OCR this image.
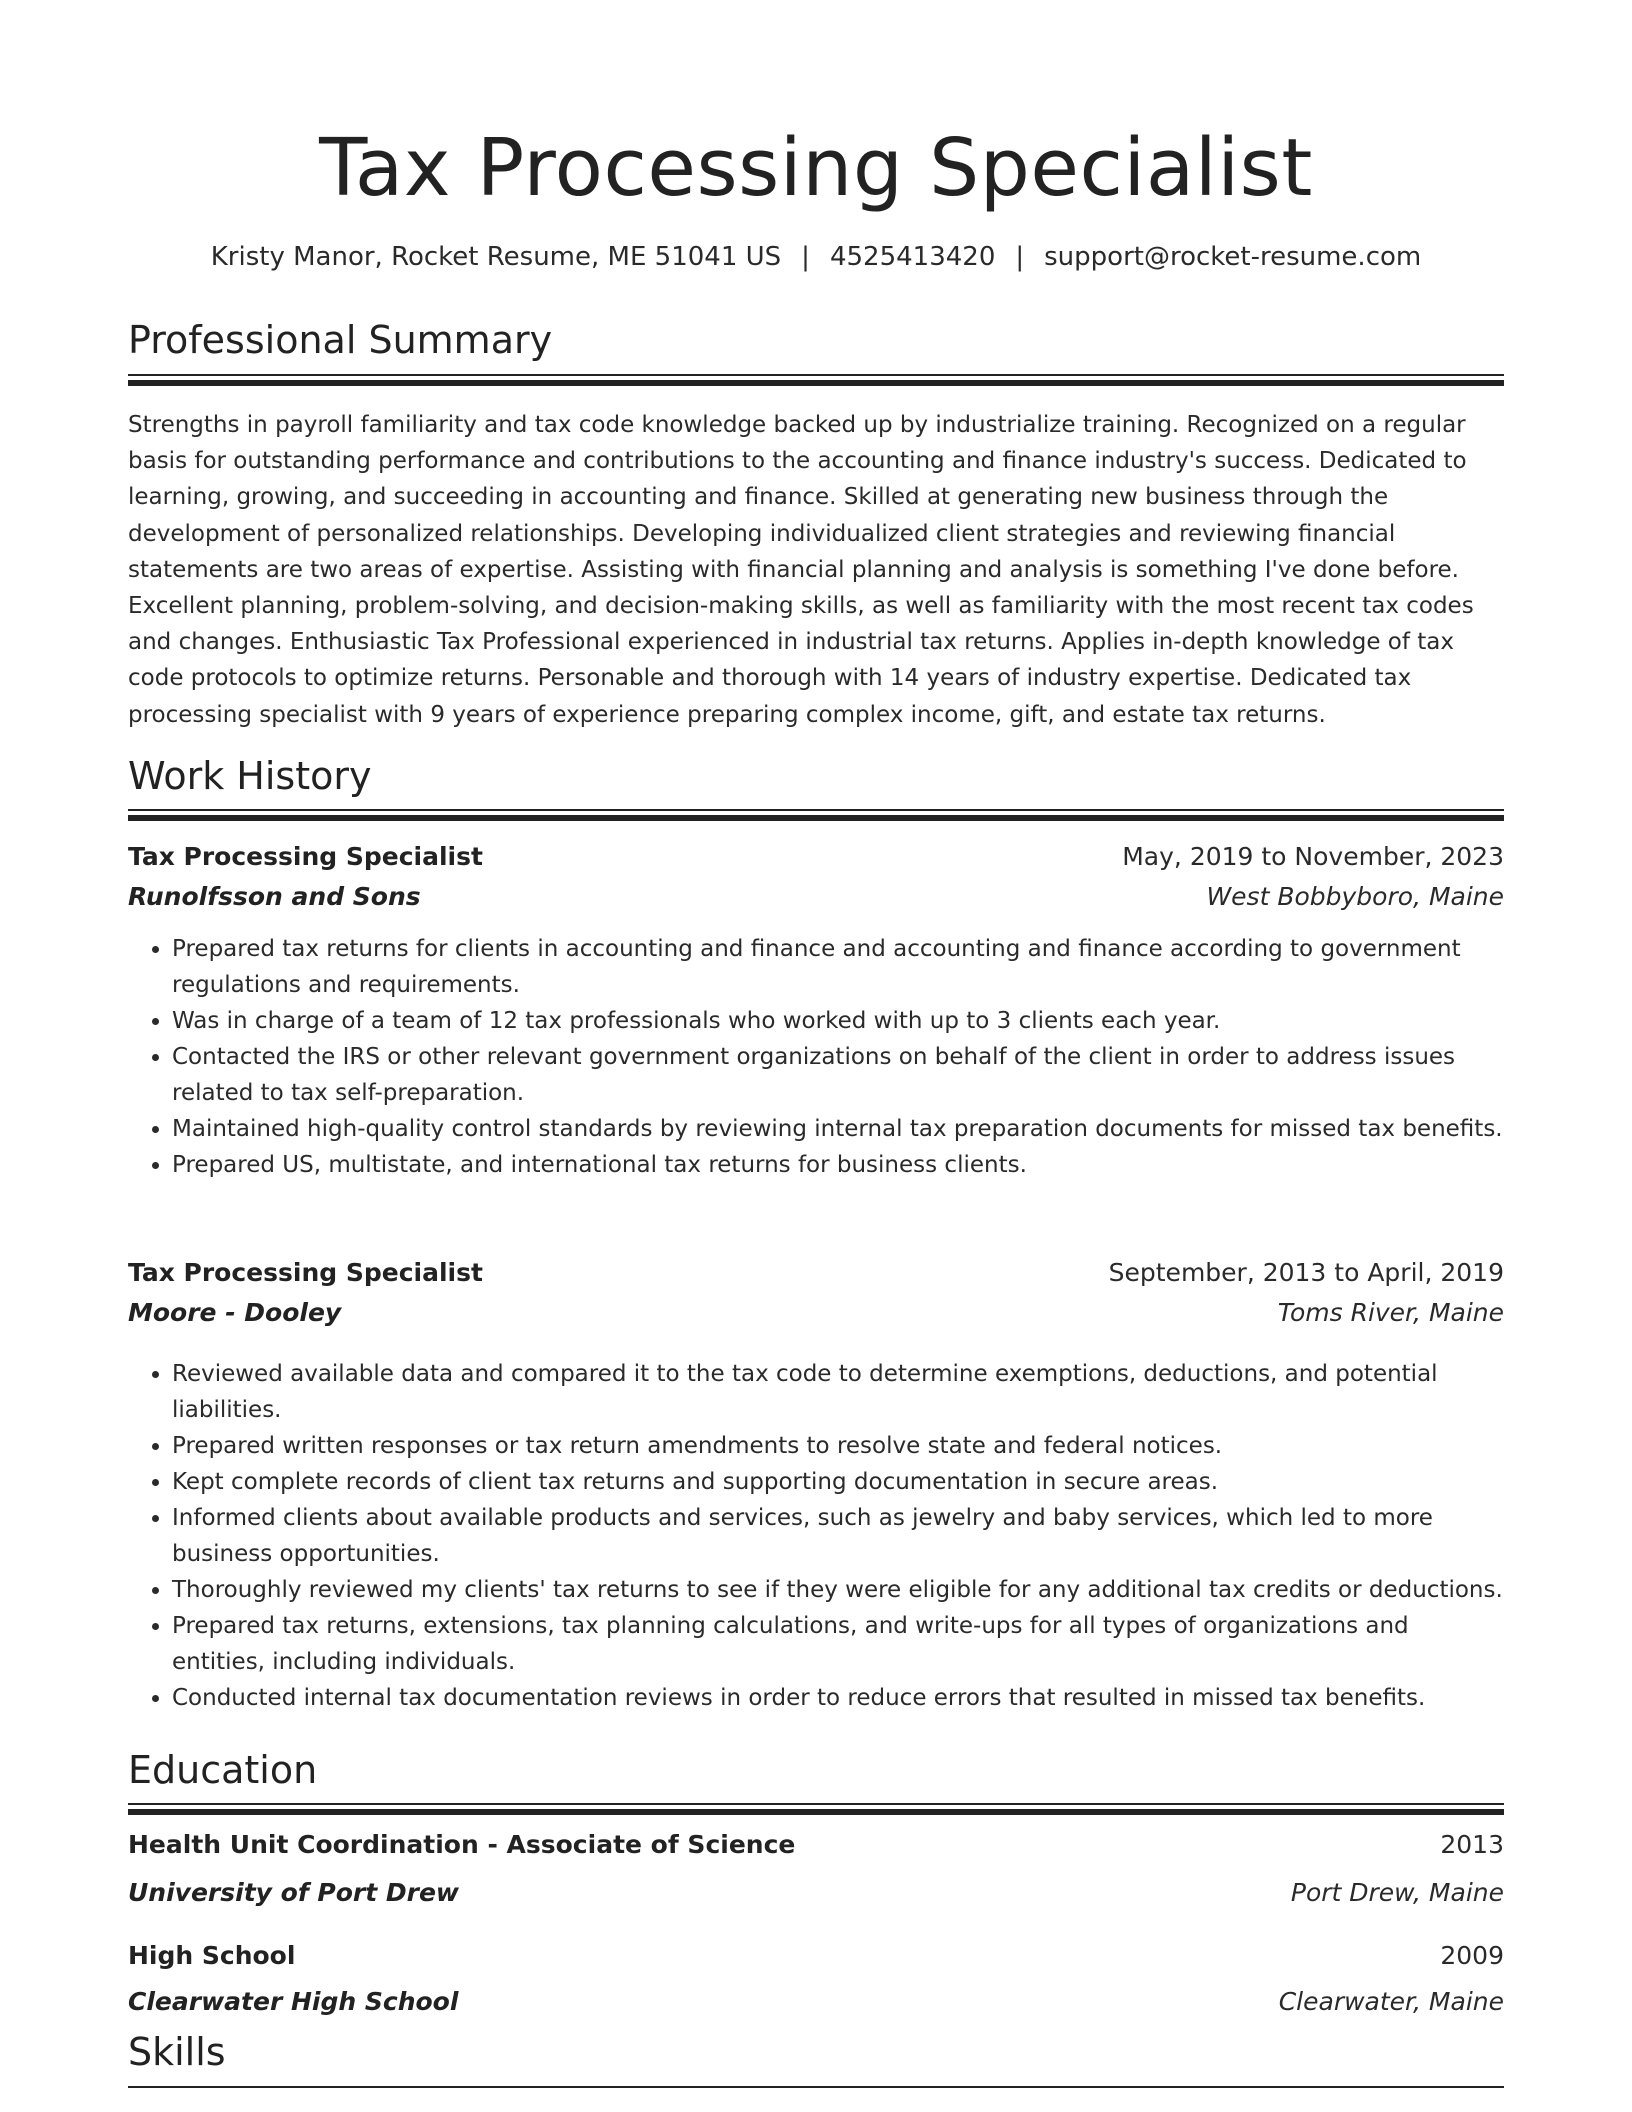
Tax Processing Specialist
Kristy Manor, Rocket Resume, ME 51041 US | 4525413420 | support@rocket-resume.com
Professional Summary

Strengths in payroll familiarity and tax code knowledge backed up by industrialize training. Recognized on a regular basis for outstanding performance and contributions to the accounting and finance industry's success. Dedicated to learning, growing, and succeeding in accounting and finance. Skilled at generating new business through the development of personalized relationships. Developing individualized client strategies and reviewing financial statements are two areas of expertise. Assisting with financial planning and analysis is something I've done before. Excellent planning, problem-solving, and decision-making skills, as well as familiarity with the most recent tax codes and changes. Enthusiastic Tax Professional experienced in industrial tax returns. Applies in-depth knowledge of tax code protocols to optimize returns. Personable and thorough with 14 years of industry expertise. Dedicated tax processing specialist with 9 years of experience preparing complex income, gift, and estate tax returns.

Work History
Tax Processing Specialist	May, 2019 to November, 2023
Runolfsson and Sons	West Bobbyboro, Maine
• Prepared tax returns for clients in accounting and finance and accounting and finance according to government regulations and requirements.
• Was in charge of a team of 12 tax professionals who worked with up to 3 clients each year.
• Contacted the IRS or other relevant government organizations on behalf of the client in order to address issues related to tax self-preparation.
• Maintained high-quality control standards by reviewing internal tax preparation documents for missed tax benefits.
• Prepared US, multistate, and international tax returns for business clients.
Tax Processing Specialist	September, 2013 to April, 2019
Moore - Dooley	Toms River, Maine
• Reviewed available data and compared it to the tax code to determine exemptions, deductions, and potential liabilities.
• Prepared written responses or tax return amendments to resolve state and federal notices.
• Kept complete records of client tax returns and supporting documentation in secure areas.
• Informed clients about available products and services, such as jewelry and baby services, which led to more business opportunities.
• Thoroughly reviewed my clients' tax returns to see if they were eligible for any additional tax credits or deductions.
• Prepared tax returns, extensions, tax planning calculations, and write-ups for all types of organizations and entities, including individuals.
• Conducted internal tax documentation reviews in order to reduce errors that resulted in missed tax benefits.
Education
Health Unit Coordination - Associate of Science	2013
University of Port Drew	Port Drew, Maine
High School	2009
Clearwater High School	Clearwater, Maine
Skills
